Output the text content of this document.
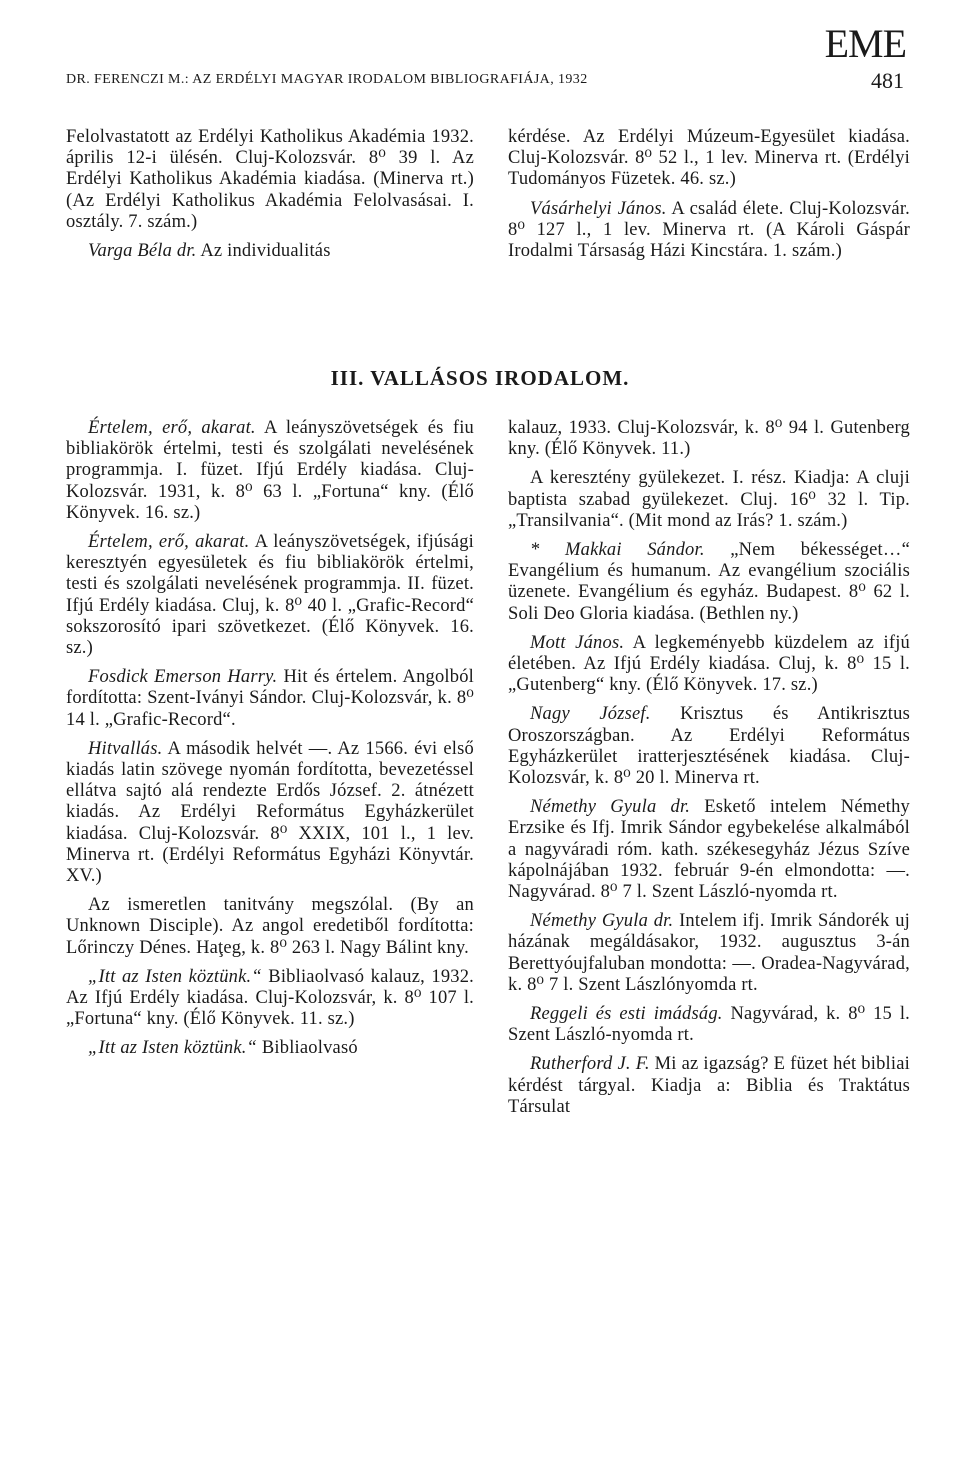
EME
DR. FERENCZI M.: AZ ERDÉLYI MAGYAR IRODALOM BIBLIOGRAFIÁJA, 1932	481

Felolvastatott az Erdélyi Katholikus Akadémia 1932. április 12-i ülésén. Cluj-Kolozsvár. 8⁰ 39 l. Az Erdélyi Katholikus Akadémia kiadása. (Minerva rt.) (Az Erdélyi Katholikus Akadémia Felolvasásai. I. osztály. 7. szám.)

Varga Béla dr. Az individualitás

kérdése. Az Erdélyi Múzeum-Egyesület kiadása. Cluj-Kolozsvár. 8⁰ 52 l., 1 lev. Minerva rt. (Erdélyi Tudományos Füzetek. 46. sz.)

Vásárhelyi János. A család élete. Cluj-Kolozsvár. 8⁰ 127 l., 1 lev. Minerva rt. (A Károli Gáspár Irodalmi Társaság Házi Kincstára. 1. szám.)

III. VALLÁSOS IRODALOM.

Értelem, erő, akarat. A leányszövetségek és fiu bibliakörök értelmi, testi és szolgálati nevelésének programmja. I. füzet. Ifjú Erdély kiadása. Cluj-Kolozsvár. 1931, k. 8⁰ 63 l. „Fortuna“ kny. (Élő Könyvek. 16. sz.)

Értelem, erő, akarat. A leányszövetségek, ifjúsági keresztyén egyesületek és fiu bibliakörök értelmi, testi és szolgálati nevelésének programmja. II. füzet. Ifjú Erdély kiadása. Cluj, k. 8⁰ 40 l. „Grafic-Record“ sokszorosító ipari szövetkezet. (Élő Könyvek. 16. sz.)

Fosdick Emerson Harry. Hit és értelem. Angolból fordította: Szent-Iványi Sándor. Cluj-Kolozsvár, k. 8⁰ 14 l. „Grafic-Record“.

Hitvallás. A második helvét —. Az 1566. évi első kiadás latin szövege nyomán fordította, bevezetéssel ellátva sajtó alá rendezte Erdős József. 2. átnézett kiadás. Az Erdélyi Református Egyházkerület kiadása. Cluj-Kolozsvár. 8⁰ XXIX, 101 l., 1 lev. Minerva rt. (Erdélyi Református Egyházi Könyvtár. XV.)

Az ismeretlen tanitvány megszólal. (By an Unknown Disciple). Az angol eredetiből fordította: Lőrinczy Dénes. Haţeg, k. 8⁰ 263 l. Nagy Bálint kny.

„Itt az Isten köztünk.“ Bibliaolvasó kalauz, 1932. Az Ifjú Erdély kiadása. Cluj-Kolozsvár, k. 8⁰ 107 l. „Fortuna“ kny. (Élő Könyvek. 11. sz.)

„Itt az Isten köztünk.“ Bibliaolvasó

kalauz, 1933. Cluj-Kolozsvár, k. 8⁰ 94 l. Gutenberg kny. (Élő Könyvek. 11.)

A keresztény gyülekezet. I. rész. Kiadja: A cluji baptista szabad gyülekezet. Cluj. 16⁰ 32 l. Tip. „Transilvania“. (Mit mond az Irás? 1. szám.)

* Makkai Sándor. „Nem békességet…“ Evangélium és humanum. Az evangélium szociális üzenete. Evangélium és egyház. Budapest. 8⁰ 62 l. Soli Deo Gloria kiadása. (Bethlen ny.)

Mott János. A legkeményebb küzdelem az ifjú életében. Az Ifjú Erdély kiadása. Cluj, k. 8⁰ 15 l. „Gutenberg“ kny. (Élő Könyvek. 17. sz.)

Nagy József. Krisztus és Antikrisztus Oroszországban. Az Erdélyi Református Egyházkerület iratterjesztésének kiadása. Cluj-Kolozsvár, k. 8⁰ 20 l. Minerva rt.

Némethy Gyula dr. Eskető intelem Némethy Erzsike és Ifj. Imrik Sándor egybekelése alkalmából a nagyváradi róm. kath. székesegyház Jézus Szíve kápolnájában 1932. február 9-én elmondotta: —. Nagyvárad. 8⁰ 7 l. Szent László-nyomda rt.

Némethy Gyula dr. Intelem ifj. Imrik Sándorék uj házának megáldásakor, 1932. augusztus 3-án Berettyóujfaluban mondotta: —. Oradea-Nagyvárad, k. 8⁰ 7 l. Szent Lászlónyomda rt.

Reggeli és esti imádság. Nagyvárad, k. 8⁰ 15 l. Szent László-nyomda rt.

Rutherford J. F. Mi az igazság? E füzet hét bibliai kérdést tárgyal. Kiadja a: Biblia és Traktátus Társulat
